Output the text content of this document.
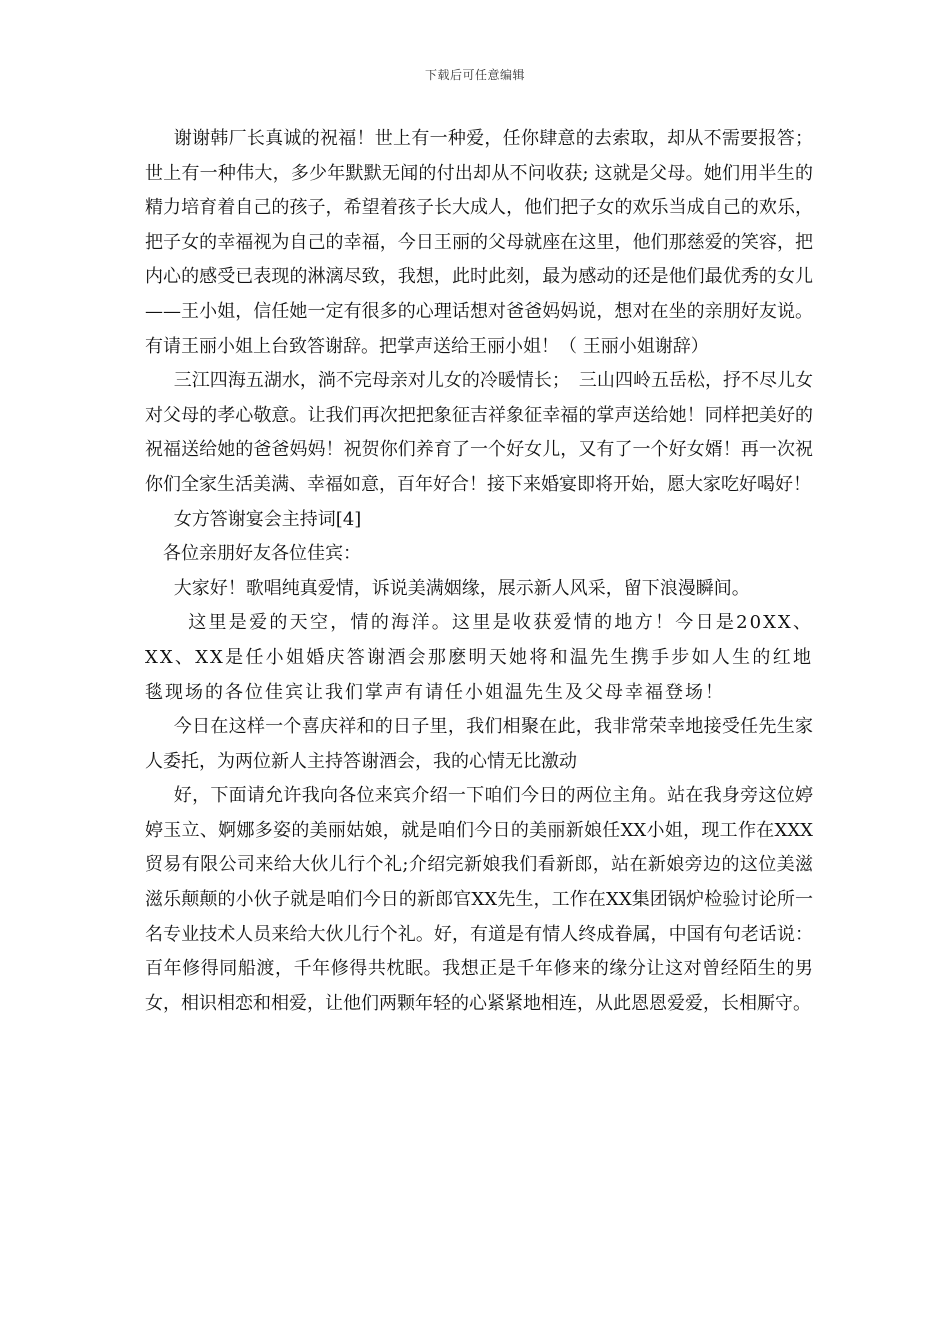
下载后可任意编辑

谢谢韩厂长真诚的祝福！世上有一种爱，任你肆意的去索取，却从不需要报答；世上有一种伟大，多少年默默无闻的付出却从不问收获; 这就是父母。她们用半生的精力培育着自己的孩子，希望着孩子长大成人，他们把子女的欢乐当成自己的欢乐，把子女的幸福视为自己的幸福，今日王丽的父母就座在这里，他们那慈爱的笑容，把内心的感受已表现的淋漓尽致，我想，此时此刻，最为感动的还是他们最优秀的女儿——王小姐，信任她一定有很多的心理话想对爸爸妈妈说，想对在坐的亲朋好友说。有请王丽小姐上台致答谢辞。把掌声送给王丽小姐！（ 王丽小姐谢辞）

三江四海五湖水，淌不完母亲对儿女的冷暖情长；　三山四岭五岳松，抒不尽儿女对父母的孝心敬意。让我们再次把把象征吉祥象征幸福的掌声送给她！同样把美好的祝福送给她的爸爸妈妈！祝贺你们养育了一个好女儿，又有了一个好女婿！再一次祝你们全家生活美满、幸福如意，百年好合！接下来婚宴即将开始，愿大家吃好喝好！

女方答谢宴会主持词[4]

各位亲朋好友各位佳宾：

大家好！歌唱纯真爱情，诉说美满姻缘，展示新人风采，留下浪漫瞬间。

这里是爱的天空，情的海洋。这里是收获爱情的地方！今日是20XX、XX、XX是任小姐婚庆答谢酒会那麽明天她将和温先生携手步如人生的红地毯现场的各位佳宾让我们掌声有请任小姐温先生及父母幸福登场！

今日在这样一个喜庆祥和的日子里，我们相聚在此，我非常荣幸地接受任先生家人委托，为两位新人主持答谢酒会，我的心情无比激动

好，下面请允许我向各位来宾介绍一下咱们今日的两位主角。站在我身旁这位婷婷玉立、婀娜多姿的美丽姑娘，就是咱们今日的美丽新娘任XX小姐，现工作在XXX贸易有限公司来给大伙儿行个礼;介绍完新娘我们看新郎，站在新娘旁边的这位美滋滋乐颠颠的小伙子就是咱们今日的新郎官XX先生，工作在XX集团锅炉检验讨论所一名专业技术人员来给大伙儿行个礼。好，有道是有情人终成眷属，中国有句老话说：百年修得同船渡，千年修得共枕眠。我想正是千年修来的缘分让这对曾经陌生的男女，相识相恋和相爱，让他们两颗年轻的心紧紧地相连，从此恩恩爱爱，长相厮守。
